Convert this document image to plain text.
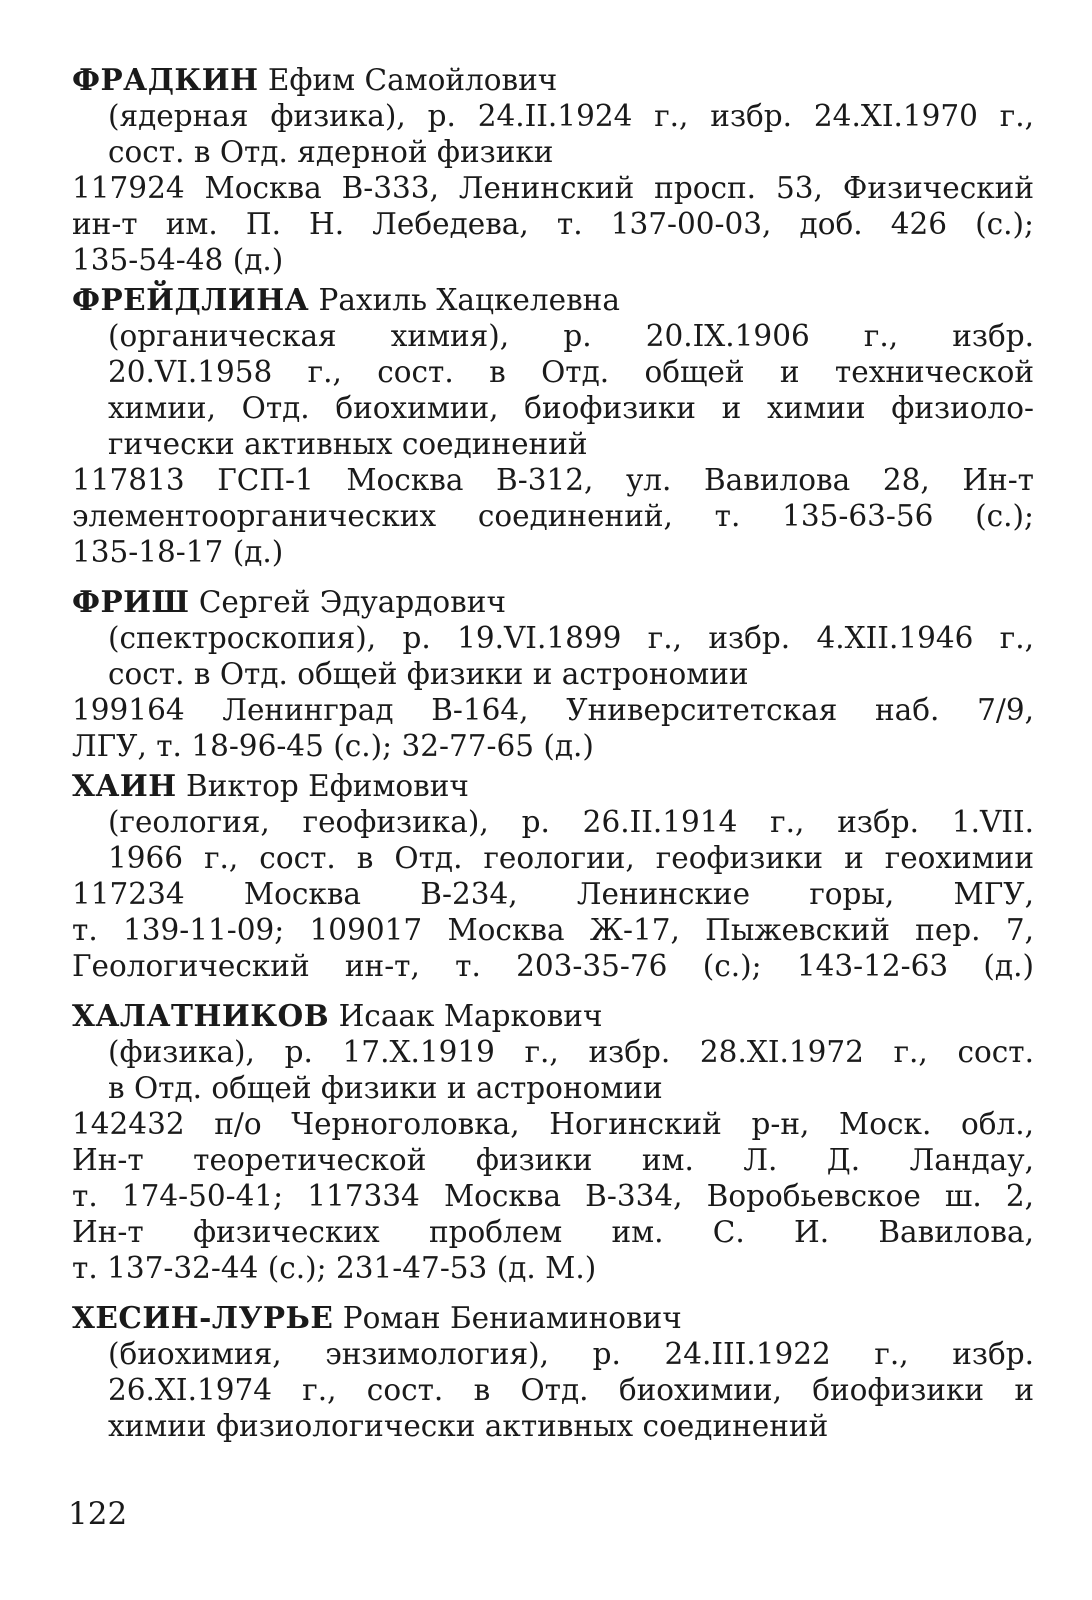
ФРАДКИН Ефим Самойлович
(ядерная физика), р. 24.II.1924 г., избр. 24.XI.1970 г.,
сост. в Отд. ядерной физики
117924 Москва В-333, Ленинский просп. 53, Физический
ин-т им. П. Н. Лебедева, т. 137-00-03, доб. 426 (с.);
135-54-48 (д.)
ФРЕЙДЛИНА Рахиль Хацкелевна
(органическая химия), р. 20.IX.1906 г., избр.
20.VI.1958 г., сост. в Отд. общей и технической
химии, Отд. биохимии, биофизики и химии физиоло-
гически активных соединений
117813 ГСП-1 Москва В-312, ул. Вавилова 28, Ин-т
элементоорганических соединений, т. 135-63-56 (с.);
135-18-17 (д.)
ФРИШ Сергей Эдуардович
(спектроскопия), р. 19.VI.1899 г., избр. 4.XII.1946 г.,
сост. в Отд. общей физики и астрономии
199164 Ленинград В-164, Университетская наб. 7/9,
ЛГУ, т. 18-96-45 (с.); 32-77-65 (д.)
ХАИН Виктор Ефимович
(геология, геофизика), р. 26.II.1914 г., избр. 1.VII.
1966 г., сост. в Отд. геологии, геофизики и геохимии
117234 Москва В-234, Ленинские горы, МГУ,
т. 139-11-09; 109017 Москва Ж-17, Пыжевский пер. 7,
Геологический ин-т, т. 203-35-76 (с.); 143-12-63 (д.)
ХАЛАТНИКОВ Исаак Маркович
(физика), р. 17.X.1919 г., избр. 28.XI.1972 г., сост.
в Отд. общей физики и астрономии
142432 п/о Черноголовка, Ногинский р-н, Моск. обл.,
Ин-т теоретической физики им. Л. Д. Ландау,
т. 174-50-41; 117334 Москва В-334, Воробьевское ш. 2,
Ин-т физических проблем им. С. И. Вавилова,
т. 137-32-44 (с.); 231-47-53 (д. М.)
ХЕСИН-ЛУРЬЕ Роман Бениаминович
(биохимия, энзимология), р. 24.III.1922 г., избр.
26.XI.1974 г., сост. в Отд. биохимии, биофизики и
химии физиологически активных соединений
122
